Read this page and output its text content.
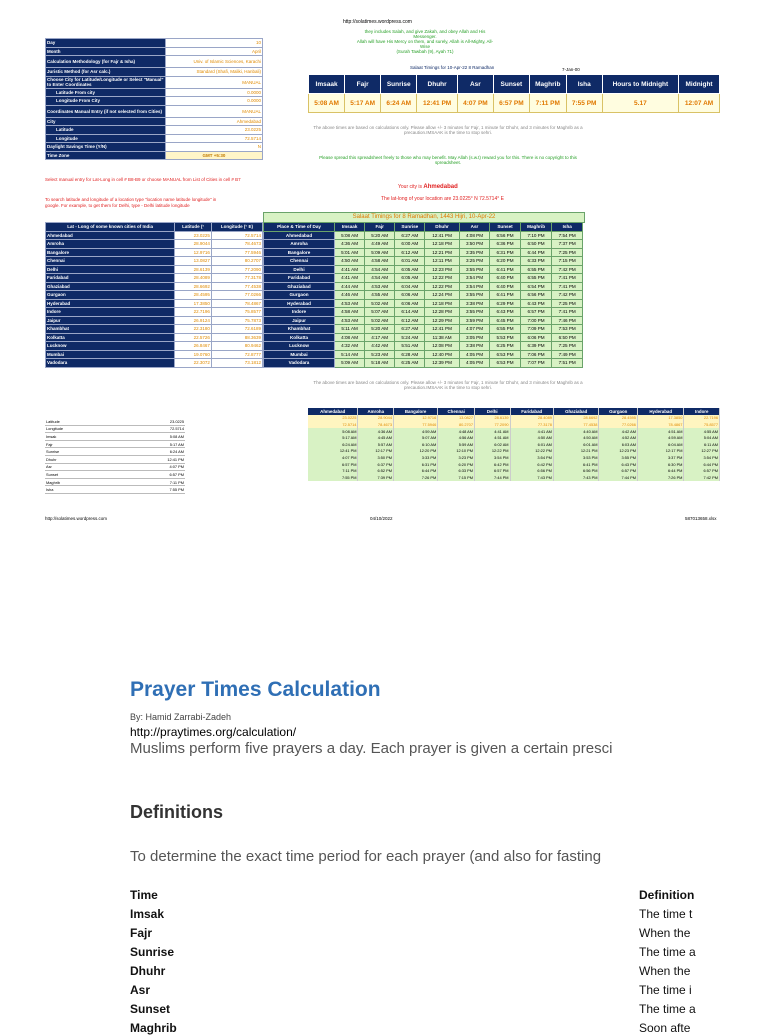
http://solatimes.wordpress.com
they includes Salah, and give Zakah, and obey Allah and His Messenger.
Allah will have His Mercy on them, and surely, Allah is All-Mighty, All-Wise
(Surah Tawbah (9), Ayah 71)
Day	10
Month	April
Calculation Methodology (for Fajr & Isha)	Univ. of Islamic Sciences, Karachi
Juristic Method (for Asr calc.)	Standard (Shafi, Maliki, Hanbali)
Choose City for Latitude/Longitude or Select "Manual" to Enter Coordinates	MANUAL
Latitude From city	0.0000
Longitude From City	0.0000
Coordinates Manual Entry (if not selected from Cities)	MANUAL
City	Ahmedabad
Latitude	23.0225
Longitude	72.5714
Daylight Savings Time (Y/N)	N
Time Zone	GMT +5:30
Select manual entry for Lat-Long in cell # B8-B9 or choose MANUAL from List of Cities in cell # B7
To search latitude and longitude of a location type "location name latitude longitude" in
google. For example, to get them for Delhi, type - Delhi latitude longitude
Salaat Timings for 10-Apr-22 8 Ramadhan	7-Jan-00
Imsaak	Fajr	Sunrise	Dhuhr	Asr	Sunset	Maghrib	Isha	Hours to Midnight	Midnight
5:08 AM	5:17 AM	6:24 AM	12:41 PM	4:07 PM	6:57 PM	7:11 PM	7:55 PM	5.17	12:07 AM
The above times are based on calculations only. Please allow +/- 3 minutes for Fajr, 1 minute for Dhuhr, and 3 minutes for Maghrib as a precaution.IMSAAK is the time to stop sehri.
Please spread this spreadsheet freely to those who may benefit. May Allah (s.w.t) reward you for this. There is no copyright to this spreadsheet.
Your city is Ahmedabad
The lat-long of your location are 23.0225° N 72.5714° E
Lat - Long of some known cities of India	Latitude (°	Longitude (° E)
Ahmedabad	23.0225	72.5714
Amroha	28.9044	78.4673
Bangalore	12.9716	77.5946
Chennai	13.0827	80.2707
Delhi	28.6139	77.2090
Faridabad	28.4089	77.3178
Ghaziabad	28.6692	77.4538
Gurgaon	28.4595	77.0266
Hyderabad	17.3850	78.4867
Indore	22.7196	75.8577
Jaipur	26.9124	75.7873
Khambhat	22.3180	72.6189
Kolkatta	22.5726	88.3639
Lucknow	26.8467	80.9462
Mumbai	19.0760	72.8777
Vadodara	22.3072	73.1812
Salaat Timings for 8 Ramadhan, 1443 Hijri, 10-Apr-22
Place & Time of Day	Imsaak	Fajr	Sunrise	Dhuhr	Asr	Sunset	Maghrib	Isha
Ahmedabad	5:08 AM	5:20 AM	6:27 AM	12:41 PM	4:08 PM	6:56 PM	7:10 PM	7:54 PM
Amroha	4:36 AM	4:49 AM	6:00 AM	12:18 PM	3:50 PM	6:36 PM	6:50 PM	7:37 PM
Bangalore	5:01 AM	5:09 AM	6:12 AM	12:21 PM	3:35 PM	6:31 PM	6:44 PM	7:25 PM
Chennai	4:50 AM	4:58 AM	6:01 AM	12:11 PM	3:25 PM	6:20 PM	6:33 PM	7:15 PM
Delhi	4:41 AM	4:54 AM	6:05 AM	12:23 PM	3:55 PM	6:41 PM	6:55 PM	7:42 PM
Faridabad	4:41 AM	4:54 AM	6:05 AM	12:22 PM	3:54 PM	6:40 PM	6:55 PM	7:41 PM
Ghaziabad	4:44 AM	4:53 AM	6:04 AM	12:22 PM	3:54 PM	6:40 PM	6:54 PM	7:41 PM
Gurgaon	4:46 AM	4:55 AM	6:06 AM	12:24 PM	3:55 PM	6:41 PM	6:56 PM	7:42 PM
Hyderabad	4:53 AM	5:02 AM	6:06 AM	12:18 PM	3:38 PM	6:29 PM	6:43 PM	7:25 PM
Indore	4:58 AM	5:07 AM	6:14 AM	12:28 PM	3:55 PM	6:43 PM	6:57 PM	7:41 PM
Jaipur	4:53 AM	5:02 AM	6:12 AM	12:29 PM	3:59 PM	6:45 PM	7:00 PM	7:46 PM
Khambhat	5:11 AM	5:20 AM	6:27 AM	12:41 PM	4:07 PM	6:55 PM	7:09 PM	7:53 PM
Kolkatta	4:08 AM	4:17 AM	5:24 AM	11:38 AM	3:05 PM	5:53 PM	6:06 PM	6:50 PM
Lucknow	4:32 AM	4:42 AM	5:51 AM	12:08 PM	3:38 PM	6:25 PM	6:39 PM	7:25 PM
Mumbai	5:14 AM	5:23 AM	6:28 AM	12:40 PM	4:05 PM	6:53 PM	7:06 PM	7:49 PM
Vadodara	5:09 AM	5:18 AM	6:25 AM	12:39 PM	4:05 PM	6:53 PM	7:07 PM	7:51 PM
The above times are based on calculations only. Please allow +/- 3 minutes for Fajr, 1 minute for Dhuhr, and 3 minutes for Maghrib as a precaution.IMSAAK is the time to stop sehri.
Latitude	23.0225
Longitude	72.5714
Imsak	5:08 AM
Fajr	5:17 AM
Sunrise	6:24 AM
Dhuhr	12:41 PM
Asr	4:07 PM
Sunset	6:57 PM
Maghrib	7:11 PM
Isha	7:55 PM
Ahmedabad	Amroha	Bangalore	Chennai	Delhi	Faridabad	Ghaziabad	Gurgaon	Hyderabad	Indore
23.0225	28.9044	12.9716	13.0827	28.6139	28.4089	28.6692	28.4595	17.3850	22.7196
72.5714	78.4673	77.5946	80.2707	77.2090	77.3178	77.4538	77.0266	78.4867	75.8577
5:08 AM	4:36 AM	4:59 AM	4:48 AM	4:41 AM	4:41 AM	4:40 AM	4:42 AM	4:51 AM	4:55 AM
5:17 AM	4:45 AM	5:07 AM	4:56 AM	4:51 AM	4:50 AM	4:50 AM	4:52 AM	4:59 AM	5:04 AM
6:24 AM	5:57 AM	6:10 AM	5:59 AM	6:02 AM	6:01 AM	6:01 AM	6:03 AM	6:04 AM	6:11 AM
12:41 PM	12:17 PM	12:20 PM	12:10 PM	12:22 PM	12:22 PM	12:21 PM	12:23 PM	12:17 PM	12:27 PM
4:07 PM	3:50 PM	3:33 PM	3:23 PM	3:54 PM	3:54 PM	3:53 PM	3:55 PM	3:37 PM	3:54 PM
6:57 PM	6:37 PM	6:31 PM	6:20 PM	6:42 PM	6:42 PM	6:41 PM	6:43 PM	6:30 PM	6:44 PM
7:11 PM	6:52 PM	6:44 PM	6:33 PM	6:57 PM	6:56 PM	6:56 PM	6:57 PM	6:44 PM	6:57 PM
7:55 PM	7:39 PM	7:26 PM	7:15 PM	7:44 PM	7:43 PM	7:43 PM	7:44 PM	7:26 PM	7:42 PM
http://solatimes.wordpress.com	04/10/2022	587013658.xlsx
Prayer Times Calculation
By: Hamid Zarrabi-Zadeh
http://praytimes.org/calculation/
Muslims perform five prayers a day. Each prayer is given a certain presci
Definitions
To determine the exact time period for each prayer (and also for fasting
Time	Definition
Imsak	The time t
Fajr	When the
Sunrise	The time a
Dhuhr	When the
Asr	The time i
Sunset	The time a
Maghrib	Soon afte
